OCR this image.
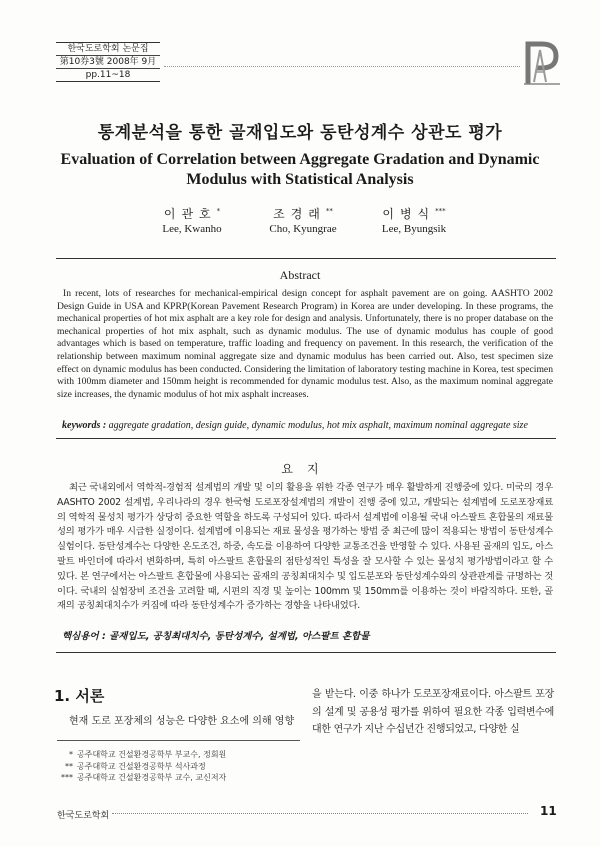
한국도로학회 논문집
第10券3號 2008年 9月
pp.11~18
통계분석을 통한 골재입도와 동탄성계수 상관도 평가
Evaluation of Correlation between Aggregate Gradation and Dynamic Modulus with Statistical Analysis
이관호*
Lee, Kwanho
조경래**
Cho, Kyungrae
이병식***
Lee, Byungsik
Abstract
In recent, lots of researches for mechanical-empirical design concept for asphalt pavement are on going. AASHTO 2002 Design Guide in USA and KPRP(Korean Pavement Research Program) in Korea are under developing. In these programs, the mechanical properties of hot mix asphalt are a key role for design and analysis. Unfortunately, there is no proper database on the mechanical properties of hot mix asphalt, such as dynamic modulus. The use of dynamic modulus has couple of good advantages which is based on temperature, traffic loading and frequency on pavement. In this research, the verification of the relationship between maximum nominal aggregate size and dynamic modulus has been carried out. Also, test specimen size effect on dynamic modulus has been conducted. Considering the limitation of laboratory testing machine in Korea, test specimen with 100mm diameter and 150mm height is recommended for dynamic modulus test. Also, as the maximum nominal aggregate size increases, the dynamic modulus of hot mix asphalt increases.
keywords : aggregate gradation, design guide, dynamic modulus, hot mix asphalt, maximum nominal aggregate size
요지
최근 국내외에서 역학적-경험적 설계법의 개발 및 이의 활용을 위한 각종 연구가 매우 활발하게 진행중에 있다. 미국의 경우 AASHTO 2002 설계법, 우리나라의 경우 한국형 도로포장설계법의 개발이 진행 중에 있고, 개발되는 설계법에 도로포장재료의 역학적 물성치 평가가 상당히 중요한 역할을 하도록 구성되어 있다. 따라서 설계법에 이용될 국내 아스팔트 혼합물의 재료물성의 평가가 매우 시급한 실정이다. 설계법에 이용되는 재료 물성을 평가하는 방법 중 최근에 많이 적용되는 방법이 동탄성계수 실험이다. 동탄성계수는 다양한 온도조건, 하중, 속도를 이용하여 다양한 교통조건을 반영할 수 있다. 사용된 골재의 입도, 아스팔트 바인더에 따라서 변화하며, 특히 아스팔트 혼합물의 점탄성적인 특성을 잘 모사할 수 있는 물성치 평가방법이라고 할 수 있다. 본 연구에서는 아스팔트 혼합물에 사용되는 골재의 공칭최대치수 및 입도분포와 동탄성계수와의 상관관계를 규명하는 것이다. 국내의 실험장비 조건을 고려할 때, 시편의 직경 및 높이는 100mm 및 150mm를 이용하는 것이 바람직하다. 또한, 골재의 공칭최대치수가 커짐에 따라 동탄성계수가 증가하는 경향을 나타내었다.
핵심용어 : 골재입도, 공칭최대치수, 동탄성계수, 설계법, 아스팔트 혼합물
1. 서론
현재 도로 포장체의 성능은 다양한 요소에 의해 영향
을 받는다. 이중 하나가 도로포장재료이다. 아스팔트 포장의 설계 및 공용성 평가를 위하여 필요한 각종 입력변수에 대한 연구가 지난 수십년간 진행되었고, 다양한 실
* 공주대학교 건설환경공학부 부교수, 정회원
** 공주대학교 건설환경공학부 석사과정
*** 공주대학교 건설환경공학부 교수, 교신저자
한국도로학회	11
